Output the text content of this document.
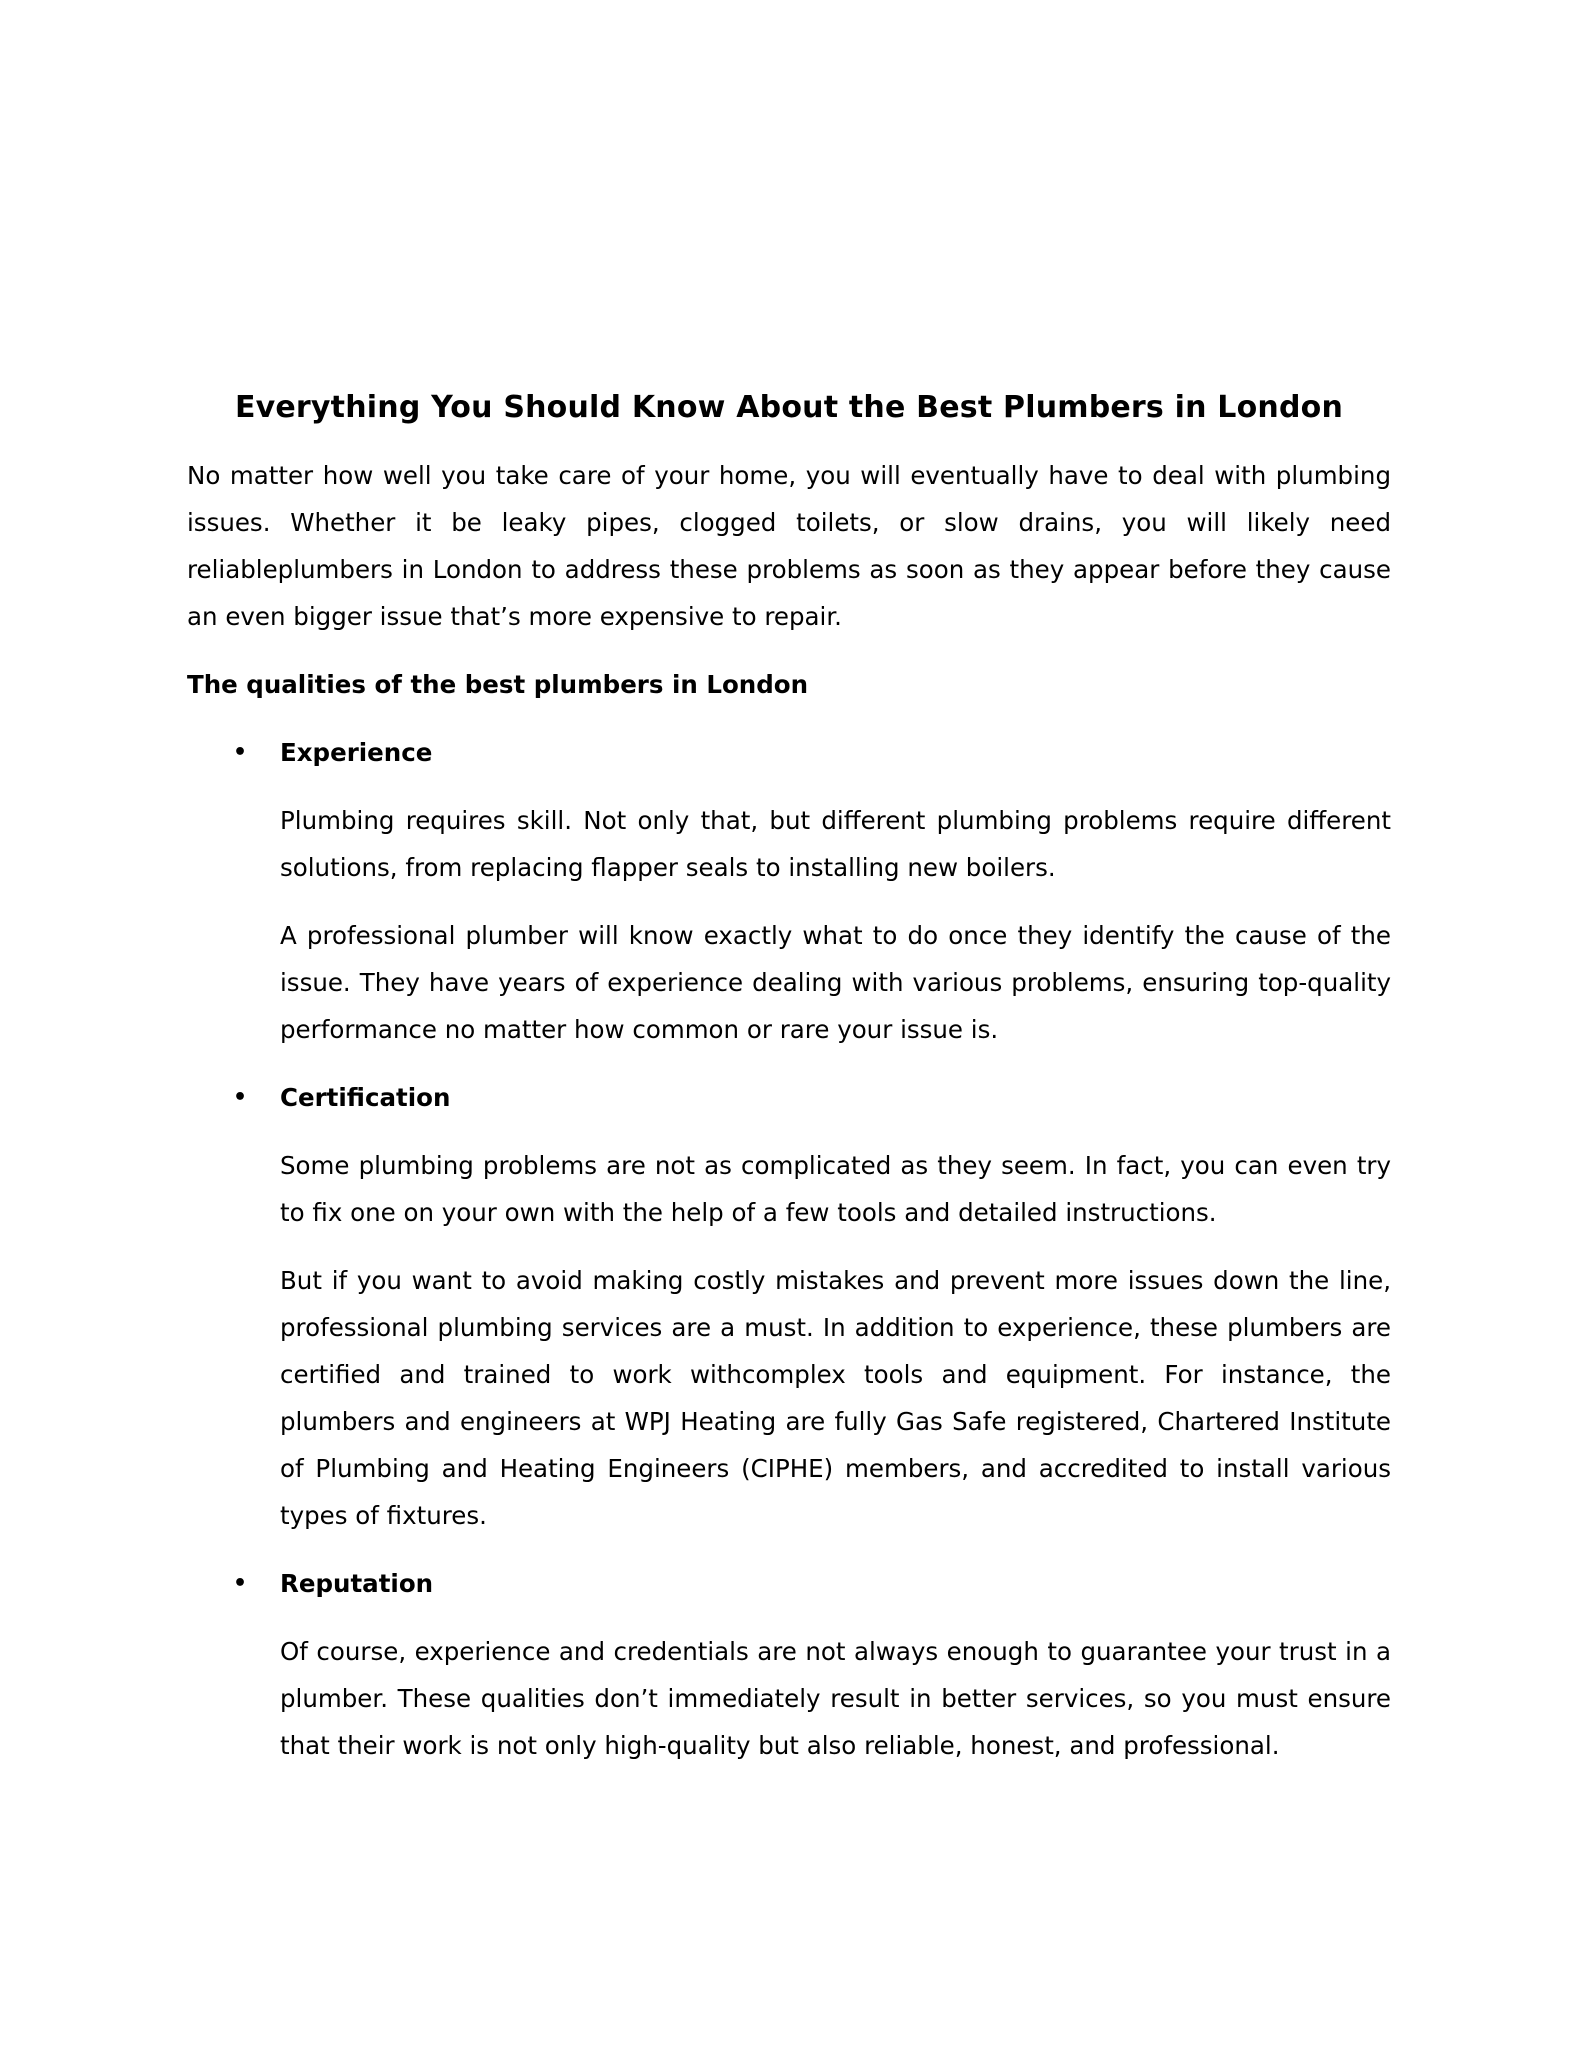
Everything You Should Know About the Best Plumbers in London

No matter how well you take care of your home, you will eventually have to deal with plumbing issues. Whether it be leaky pipes, clogged toilets, or slow drains, you will likely need reliableplumbers in London to address these problems as soon as they appear before they cause an even bigger issue that’s more expensive to repair.

The qualities of the best plumbers in London

• Experience

Plumbing requires skill. Not only that, but different plumbing problems require different solutions, from replacing flapper seals to installing new boilers.

A professional plumber will know exactly what to do once they identify the cause of the issue. They have years of experience dealing with various problems, ensuring top-quality performance no matter how common or rare your issue is.

• Certification

Some plumbing problems are not as complicated as they seem. In fact, you can even try to fix one on your own with the help of a few tools and detailed instructions.

But if you want to avoid making costly mistakes and prevent more issues down the line, professional plumbing services are a must. In addition to experience, these plumbers are certified and trained to work withcomplex tools and equipment. For instance, the plumbers and engineers at WPJ Heating are fully Gas Safe registered, Chartered Institute of Plumbing and Heating Engineers (CIPHE) members, and accredited to install various types of fixtures.

• Reputation

Of course, experience and credentials are not always enough to guarantee your trust in a plumber. These qualities don’t immediately result in better services, so you must ensure that their work is not only high-quality but also reliable, honest, and professional.
